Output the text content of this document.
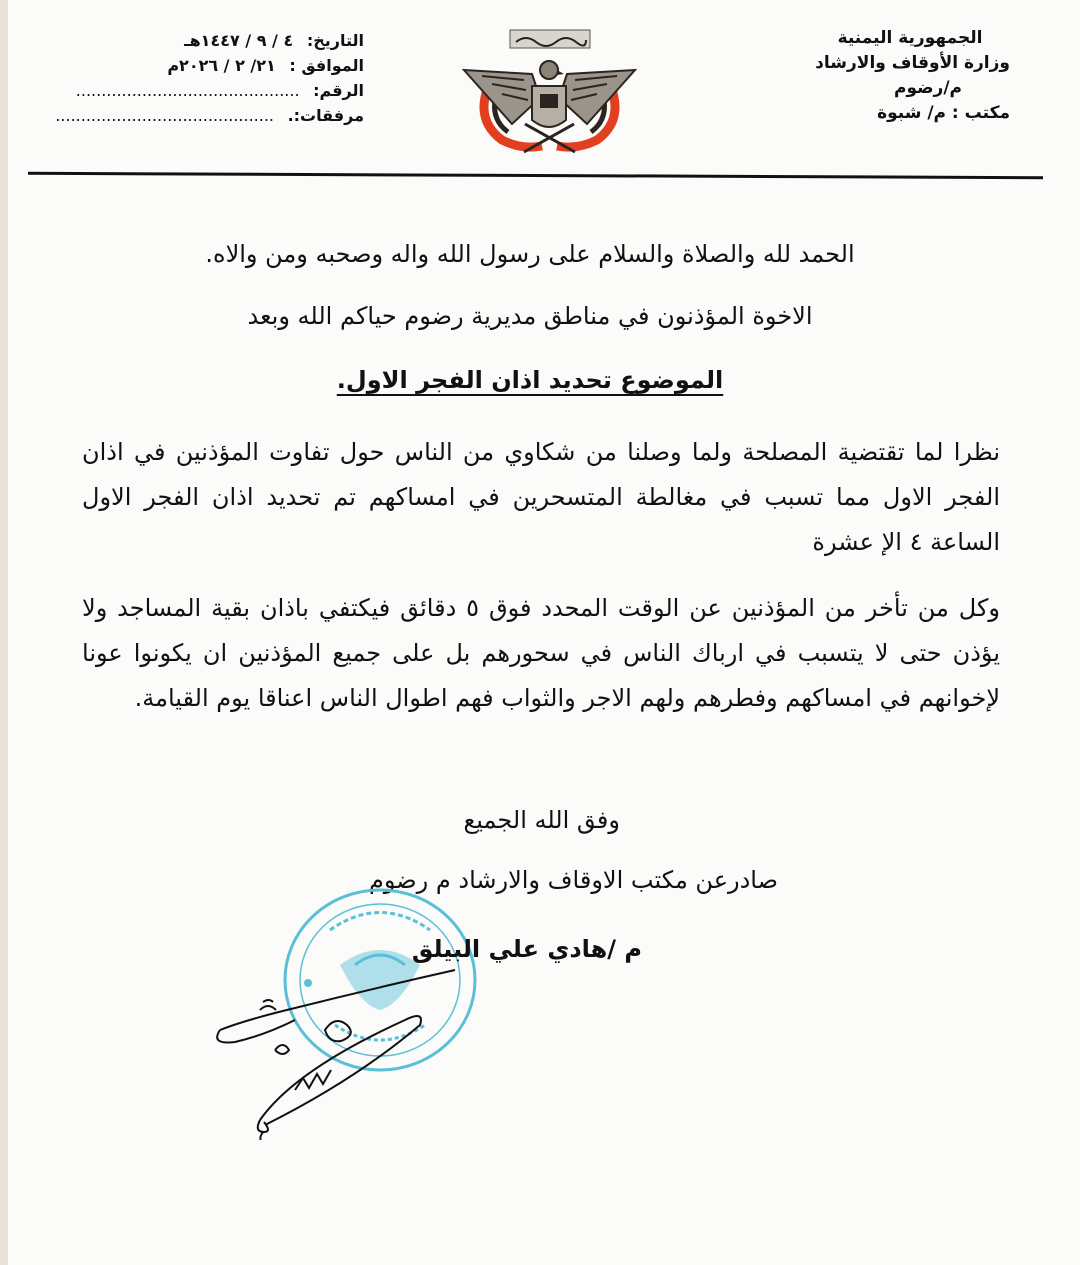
الجمهورية اليمنية
وزارة الأوقاف والارشاد
م/رضوم
مكتب : م/ شبوة
التاريخ: ٤ / ٩ / ١٤٤٧هـ
الموافق : ٢١/ ٢ / ٢٠٢٦م
الرقم: ............................................
مرفقات:. ...........................................
الحمد لله والصلاة والسلام على رسول الله واله وصحبه ومن والاه.
الاخوة المؤذنون في مناطق مديرية رضوم حياكم الله وبعد
الموضوع تحديد اذان الفجر الاول.
نظرا لما تقتضية المصلحة ولما وصلنا من شكاوي من الناس حول تفاوت المؤذنين في اذان الفجر الاول مما تسبب في مغالطة المتسحرين في امساكهم تم تحديد اذان الفجر الاول الساعة ٤ الإ عشرة
وكل من تأخر من المؤذنين عن الوقت المحدد فوق ٥ دقائق فيكتفي باذان بقية المساجد ولا يؤذن حتى لا يتسبب في ارباك الناس في سحورهم بل على جميع المؤذنين ان يكونوا عونا لإخوانهم في امساكهم وفطرهم ولهم الاجر والثواب فهم اطوال الناس اعناقا يوم القيامة.
وفق الله الجميع
صادرعن مكتب الاوقاف والارشاد م رضوم
م /هادي علي البيلق
